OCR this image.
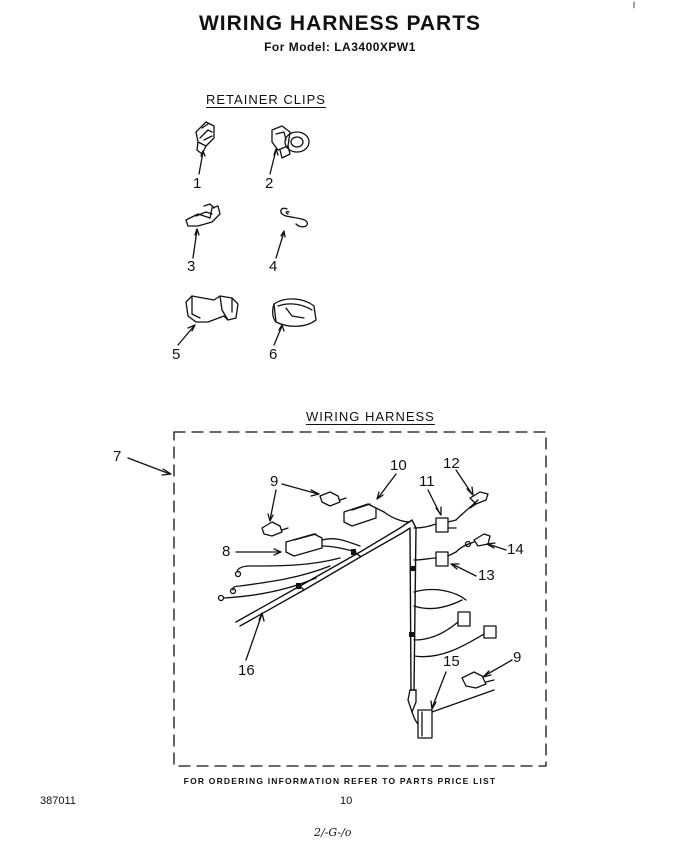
WIRING HARNESS PARTS
For Model: LA3400XPW1
RETAINER CLIPS
WIRING HARNESS
1	2
3	4
5	6
7
8
9
10
11
12
13
14
15	9
16
FOR ORDERING INFORMATION REFER TO PARTS PRICE LIST
387011	10
2/-G-/o
